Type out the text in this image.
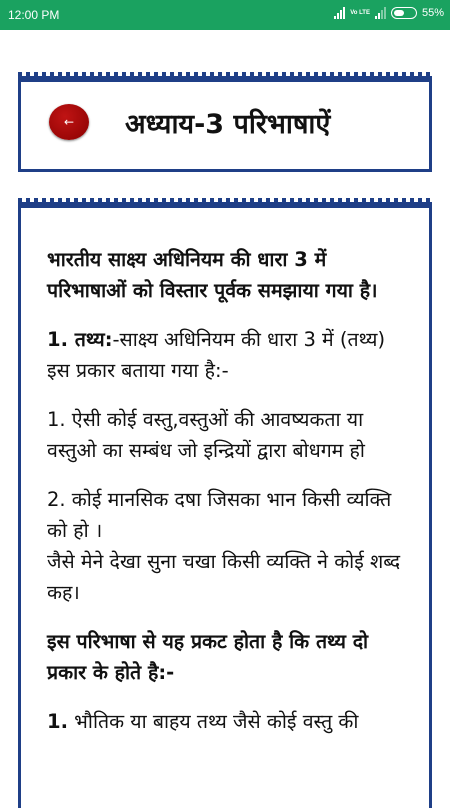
12:00 PM	Vo LTE	55%
← अध्याय-3 परिभाषाऐं

भारतीय साक्ष्य अधिनियम की धारा 3 में परिभाषाओं को विस्तार पूर्वक समझाया गया है।

1. तथ्य:-साक्ष्य अधिनियम की धारा 3 में (तथ्य) इस प्रकार बताया गया है:-

1. ऐसी कोई वस्तु,वस्तुओं की आवष्यकता या वस्तुओ का सम्बंध जो इन्द्रियों द्वारा बोधगम हो

2. कोई मानसिक दषा जिसका भान किसी व्यक्ति को हो ।
जैसे मेने देखा सुना चखा किसी व्यक्ति ने कोई शब्द कह।

इस परिभाषा से यह प्रकट होता है कि तथ्य दो प्रकार के होते है:-

1. भौतिक या बाहय तथ्य जैसे कोई वस्तु की
